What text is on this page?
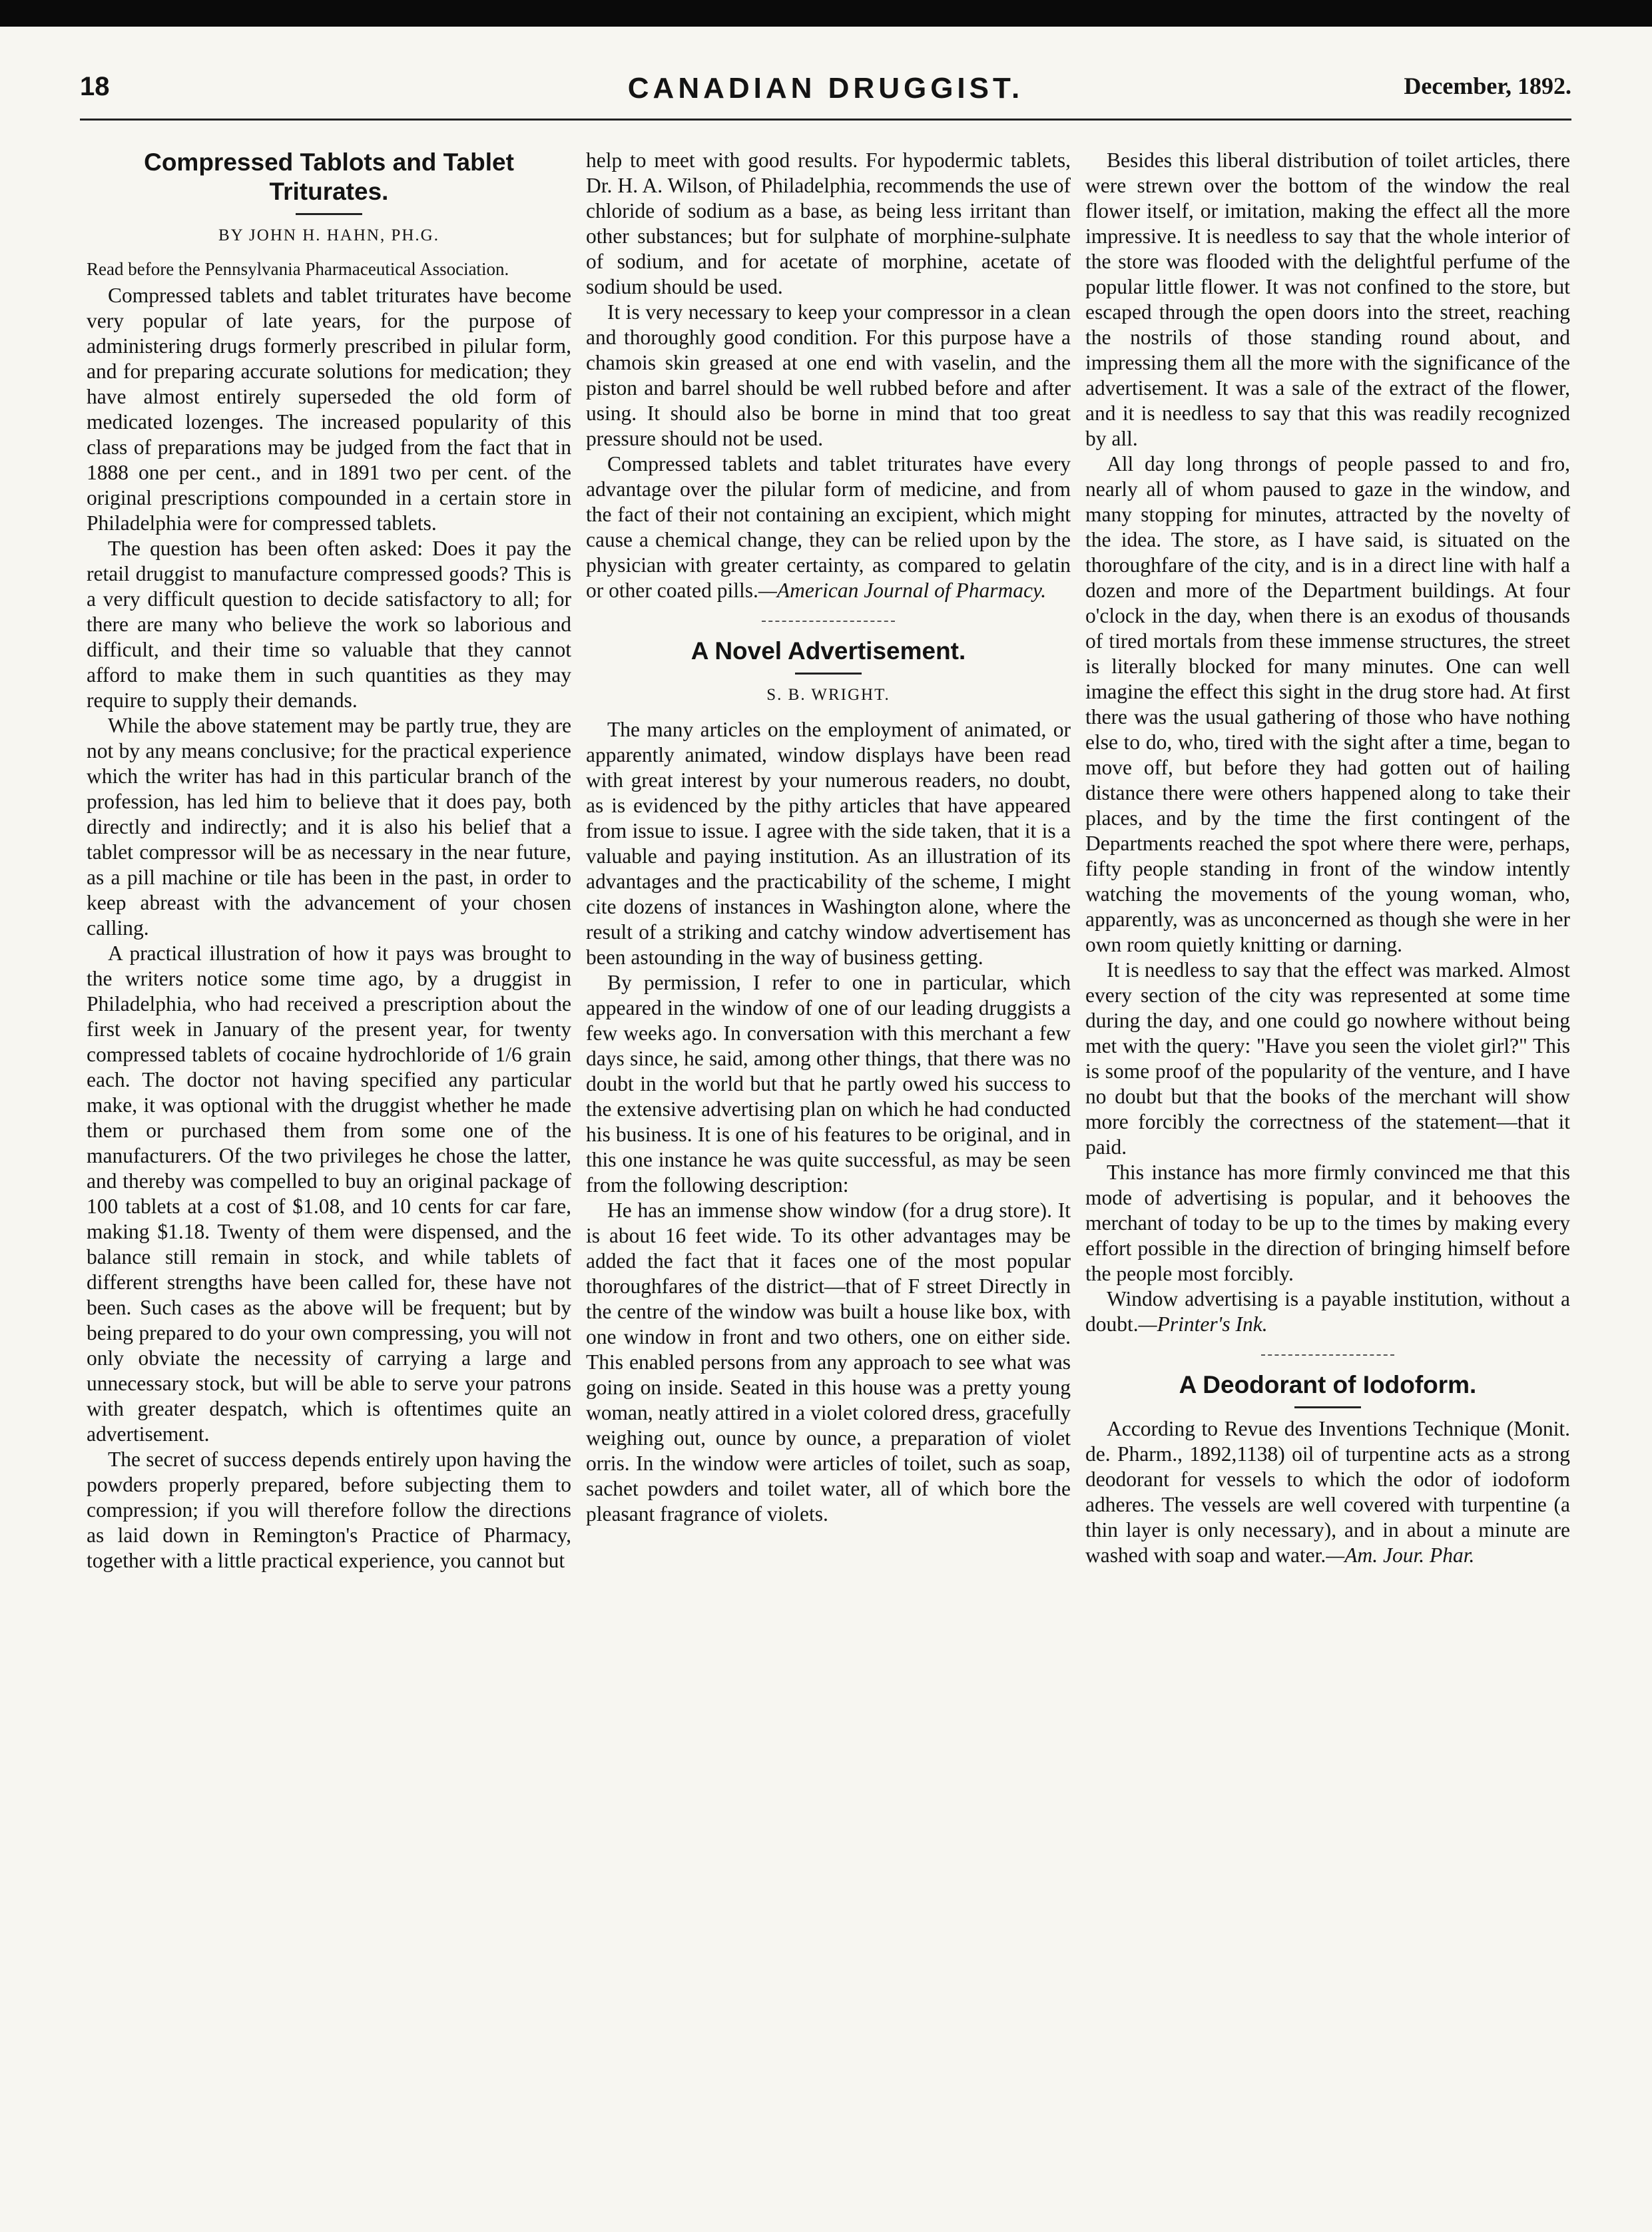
18	CANADIAN DRUGGIST.	December, 1892.
Compressed Tablots and Tablet Triturates.
BY JOHN H. HAHN, PH.G.

Read before the Pennsylvania Pharmaceutical Association.

Compressed tablets and tablet triturates have become very popular of late years, for the purpose of administering drugs formerly prescribed in pilular form, and for preparing accurate solutions for medication; they have almost entirely superseded the old form of medicated lozenges. The increased popularity of this class of preparations may be judged from the fact that in 1888 one per cent., and in 1891 two per cent. of the original prescriptions compounded in a certain store in Philadelphia were for compressed tablets.

The question has been often asked: Does it pay the retail druggist to manufacture compressed goods? This is a very difficult question to decide satisfactory to all; for there are many who believe the work so laborious and difficult, and their time so valuable that they cannot afford to make them in such quantities as they may require to supply their demands.

While the above statement may be partly true, they are not by any means conclusive; for the practical experience which the writer has had in this particular branch of the profession, has led him to believe that it does pay, both directly and indirectly; and it is also his belief that a tablet compressor will be as necessary in the near future, as a pill machine or tile has been in the past, in order to keep abreast with the advancement of your chosen calling.

A practical illustration of how it pays was brought to the writers notice some time ago, by a druggist in Philadelphia, who had received a prescription about the first week in January of the present year, for twenty compressed tablets of cocaine hydrochloride of 1/6 grain each. The doctor not having specified any particular make, it was optional with the druggist whether he made them or purchased them from some one of the manufacturers. Of the two privileges he chose the latter, and thereby was compelled to buy an original package of 100 tablets at a cost of $1.08, and 10 cents for car fare, making $1.18. Twenty of them were dispensed, and the balance still remain in stock, and while tablets of different strengths have been called for, these have not been. Such cases as the above will be frequent; but by being prepared to do your own compressing, you will not only obviate the necessity of carrying a large and unnecessary stock, but will be able to serve your patrons with greater despatch, which is oftentimes quite an advertisement.

The secret of success depends entirely upon having the powders properly prepared, before subjecting them to compression; if you will therefore follow the directions as laid down in Remington's Practice of Pharmacy, together with a little practical experience, you cannot but

help to meet with good results. For hypodermic tablets, Dr. H. A. Wilson, of Philadelphia, recommends the use of chloride of sodium as a base, as being less irritant than other substances; but for sulphate of morphine-sulphate of sodium, and for acetate of morphine, acetate of sodium should be used.

It is very necessary to keep your compressor in a clean and thoroughly good condition. For this purpose have a chamois skin greased at one end with vaselin, and the piston and barrel should be well rubbed before and after using. It should also be borne in mind that too great pressure should not be used.

Compressed tablets and tablet triturates have every advantage over the pilular form of medicine, and from the fact of their not containing an excipient, which might cause a chemical change, they can be relied upon by the physician with greater certainty, as compared to gelatin or other coated pills.—American Journal of Pharmacy.

A Novel Advertisement.
S. B. WRIGHT.

The many articles on the employment of animated, or apparently animated, window displays have been read with great interest by your numerous readers, no doubt, as is evidenced by the pithy articles that have appeared from issue to issue. I agree with the side taken, that it is a valuable and paying institution. As an illustration of its advantages and the practicability of the scheme, I might cite dozens of instances in Washington alone, where the result of a striking and catchy window advertisement has been astounding in the way of business getting.

By permission, I refer to one in particular, which appeared in the window of one of our leading druggists a few weeks ago. In conversation with this merchant a few days since, he said, among other things, that there was no doubt in the world but that he partly owed his success to the extensive advertising plan on which he had conducted his business. It is one of his features to be original, and in this one instance he was quite successful, as may be seen from the following description:

He has an immense show window (for a drug store). It is about 16 feet wide. To its other advantages may be added the fact that it faces one of the most popular thoroughfares of the district—that of F street Directly in the centre of the window was built a house like box, with one window in front and two others, one on either side. This enabled persons from any approach to see what was going on inside. Seated in this house was a pretty young woman, neatly attired in a violet colored dress, gracefully weighing out, ounce by ounce, a preparation of violet orris. In the window were articles of toilet, such as soap, sachet powders and toilet water, all of which bore the pleasant fragrance of violets.

Besides this liberal distribution of toilet articles, there were strewn over the bottom of the window the real flower itself, or imitation, making the effect all the more impressive. It is needless to say that the whole interior of the store was flooded with the delightful perfume of the popular little flower. It was not confined to the store, but escaped through the open doors into the street, reaching the nostrils of those standing round about, and impressing them all the more with the significance of the advertisement. It was a sale of the extract of the flower, and it is needless to say that this was readily recognized by all.

All day long throngs of people passed to and fro, nearly all of whom paused to gaze in the window, and many stopping for minutes, attracted by the novelty of the idea. The store, as I have said, is situated on the thoroughfare of the city, and is in a direct line with half a dozen and more of the Department buildings. At four o'clock in the day, when there is an exodus of thousands of tired mortals from these immense structures, the street is literally blocked for many minutes. One can well imagine the effect this sight in the drug store had. At first there was the usual gathering of those who have nothing else to do, who, tired with the sight after a time, began to move off, but before they had gotten out of hailing distance there were others happened along to take their places, and by the time the first contingent of the Departments reached the spot where there were, perhaps, fifty people standing in front of the window intently watching the movements of the young woman, who, apparently, was as unconcerned as though she were in her own room quietly knitting or darning.

It is needless to say that the effect was marked. Almost every section of the city was represented at some time during the day, and one could go nowhere without being met with the query: "Have you seen the violet girl?" This is some proof of the popularity of the venture, and I have no doubt but that the books of the merchant will show more forcibly the correctness of the statement—that it paid.

This instance has more firmly convinced me that this mode of advertising is popular, and it behooves the merchant of today to be up to the times by making every effort possible in the direction of bringing himself before the people most forcibly.

Window advertising is a payable institution, without a doubt.—Printer's Ink.

A Deodorant of Iodoform.

According to Revue des Inventions Technique (Monit. de. Pharm., 1892,1138) oil of turpentine acts as a strong deodorant for vessels to which the odor of iodoform adheres. The vessels are well covered with turpentine (a thin layer is only necessary), and in about a minute are washed with soap and water.—Am. Jour. Phar.
